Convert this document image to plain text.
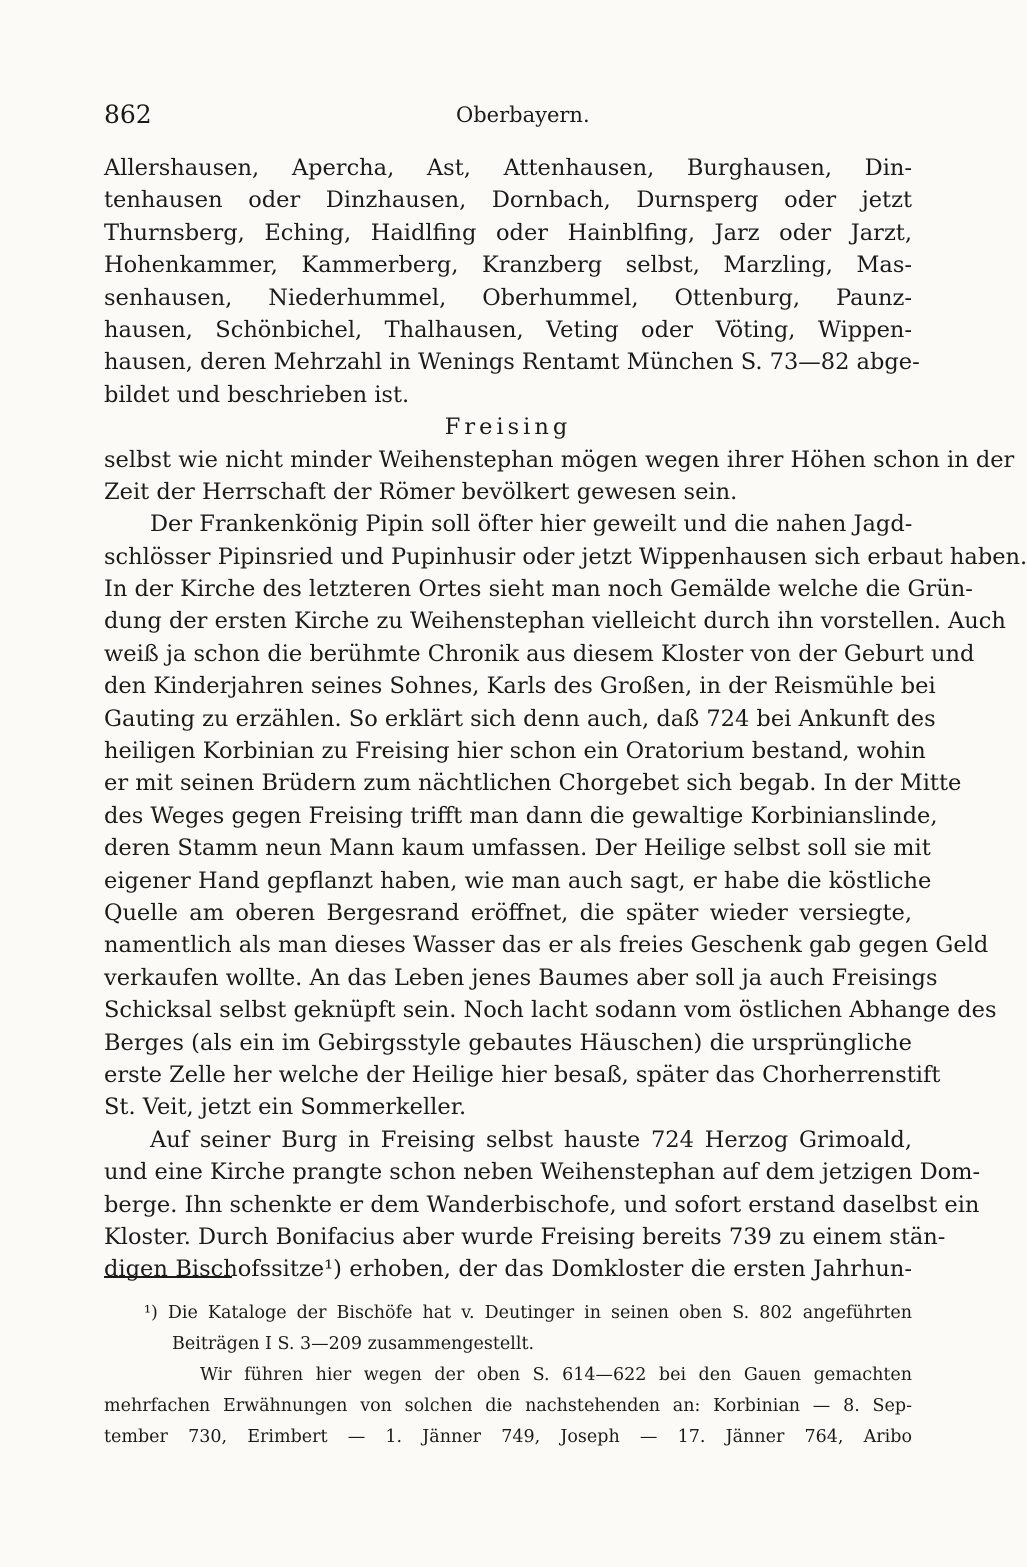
862	Oberbayern.
Allershausen, Apercha, Ast, Attenhausen, Burghausen, Din-
tenhausen oder Dinzhausen, Dornbach, Durnsperg oder jetzt
Thurnsberg, Eching, Haidlfing oder Hainblfing, Jarz oder Jarzt,
Hohenkammer, Kammerberg, Kranzberg selbst, Marzling, Mas-
senhausen, Niederhummel, Oberhummel, Ottenburg, Paunz-
hausen, Schönbichel, Thalhausen, Veting oder Vöting, Wippen-
hausen, deren Mehrzahl in Wenings Rentamt München S. 73—82 abge-
bildet und beschrieben ist.
Freising
selbst wie nicht minder Weihenstephan mögen wegen ihrer Höhen schon in der
Zeit der Herrschaft der Römer bevölkert gewesen sein.
Der Frankenkönig Pipin soll öfter hier geweilt und die nahen Jagd-
schlösser Pipinsried und Pupinhusir oder jetzt Wippenhausen sich erbaut haben.
In der Kirche des letzteren Ortes sieht man noch Gemälde welche die Grün-
dung der ersten Kirche zu Weihenstephan vielleicht durch ihn vorstellen. Auch
weiß ja schon die berühmte Chronik aus diesem Kloster von der Geburt und
den Kinderjahren seines Sohnes, Karls des Großen, in der Reismühle bei
Gauting zu erzählen. So erklärt sich denn auch, daß 724 bei Ankunft des
heiligen Korbinian zu Freising hier schon ein Oratorium bestand, wohin
er mit seinen Brüdern zum nächtlichen Chorgebet sich begab. In der Mitte
des Weges gegen Freising trifft man dann die gewaltige Korbinianslinde,
deren Stamm neun Mann kaum umfassen. Der Heilige selbst soll sie mit
eigener Hand gepflanzt haben, wie man auch sagt, er habe die köstliche
Quelle am oberen Bergesrand eröffnet, die später wieder versiegte,
namentlich als man dieses Wasser das er als freies Geschenk gab gegen Geld
verkaufen wollte. An das Leben jenes Baumes aber soll ja auch Freisings
Schicksal selbst geknüpft sein. Noch lacht sodann vom östlichen Abhange des
Berges (als ein im Gebirgsstyle gebautes Häuschen) die ursprüngliche
erste Zelle her welche der Heilige hier besaß, später das Chorherrenstift
St. Veit, jetzt ein Sommerkeller.
Auf seiner Burg in Freising selbst hauste 724 Herzog Grimoald,
und eine Kirche prangte schon neben Weihenstephan auf dem jetzigen Dom-
berge. Ihn schenkte er dem Wanderbischofe, und sofort erstand daselbst ein
Kloster. Durch Bonifacius aber wurde Freising bereits 739 zu einem stän-
digen Bischofssitze¹) erhoben, der das Domkloster die ersten Jahrhun-
¹) Die Kataloge der Bischöfe hat v. Deutinger in seinen oben S. 802 angeführten
Beiträgen I S. 3—209 zusammengestellt.
Wir führen hier wegen der oben S. 614—622 bei den Gauen gemachten
mehrfachen Erwähnungen von solchen die nachstehenden an: Korbinian — 8. Sep-
tember 730, Erimbert — 1. Jänner 749, Joseph — 17. Jänner 764, Aribo
